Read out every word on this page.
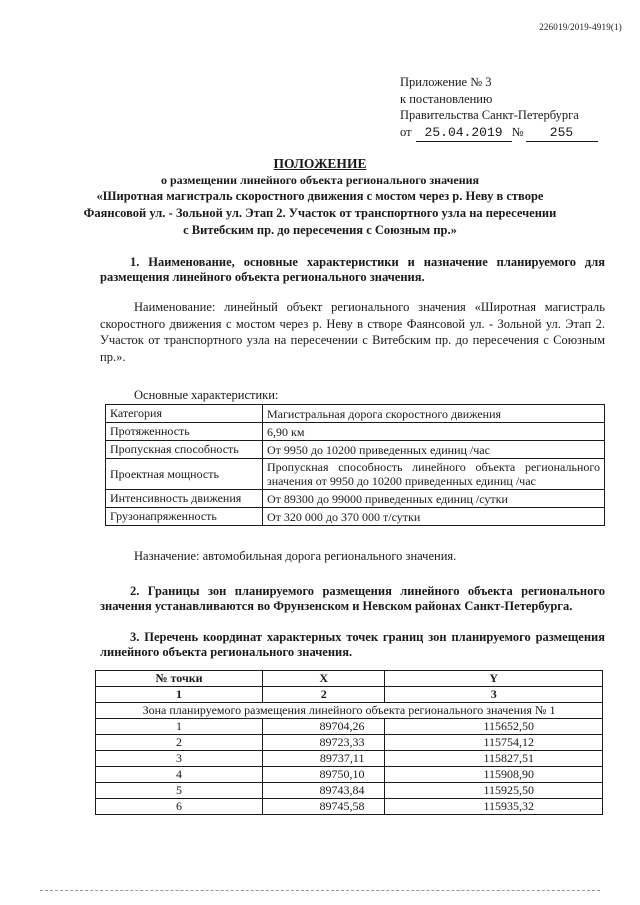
226019/2019-4919(1)
Приложение № 3
к постановлению
Правительства Санкт-Петербурга
от 25.04.2019 №	255
ПОЛОЖЕНИЕ
о размещении линейного объекта регионального значения
«Широтная магистраль скоростного движения с мостом через р. Неву в створе
Фаянсовой ул. - Зольной ул. Этап 2. Участок от транспортного узла на пересечении
с Витебским пр. до пересечения с Союзным пр.»
1. Наименование, основные характеристики и назначение планируемого для размещения линейного объекта регионального значения.
Наименование: линейный объект регионального значения «Широтная магистраль скоростного движения с мостом через р. Неву в створе Фаянсовой ул. - Зольной ул. Этап 2. Участок от транспортного узла на пересечении с Витебским пр. до пересечения с Союзным пр.».
Основные характеристики:
Категория	Магистральная дорога скоростного движения
Протяженность	6,90 км
Пропускная способность	От 9950 до 10200 приведенных единиц /час
Проектная мощность	Пропускная способность линейного объекта регионального значения от 9950 до 10200 приведенных единиц /час
Интенсивность движения	От 89300 до 99000 приведенных единиц /сутки
Грузонапряженность	От 320 000 до 370 000 т/сутки
Назначение: автомобильная дорога регионального значения.
2. Границы зон планируемого размещения линейного объекта регионального значения устанавливаются во Фрунзенском и Невском районах Санкт-Петербурга.
3. Перечень координат характерных точек границ зон планируемого размещения линейного объекта регионального значения.
№ точки	X	Y
1	2	3
Зона планируемого размещения линейного объекта регионального значения № 1		
1	89704,26	115652,50
2	89723,33	115754,12
3	89737,11	115827,51
4	89750,10	115908,90
5	89743,84	115925,50
6	89745,58	115935,32
